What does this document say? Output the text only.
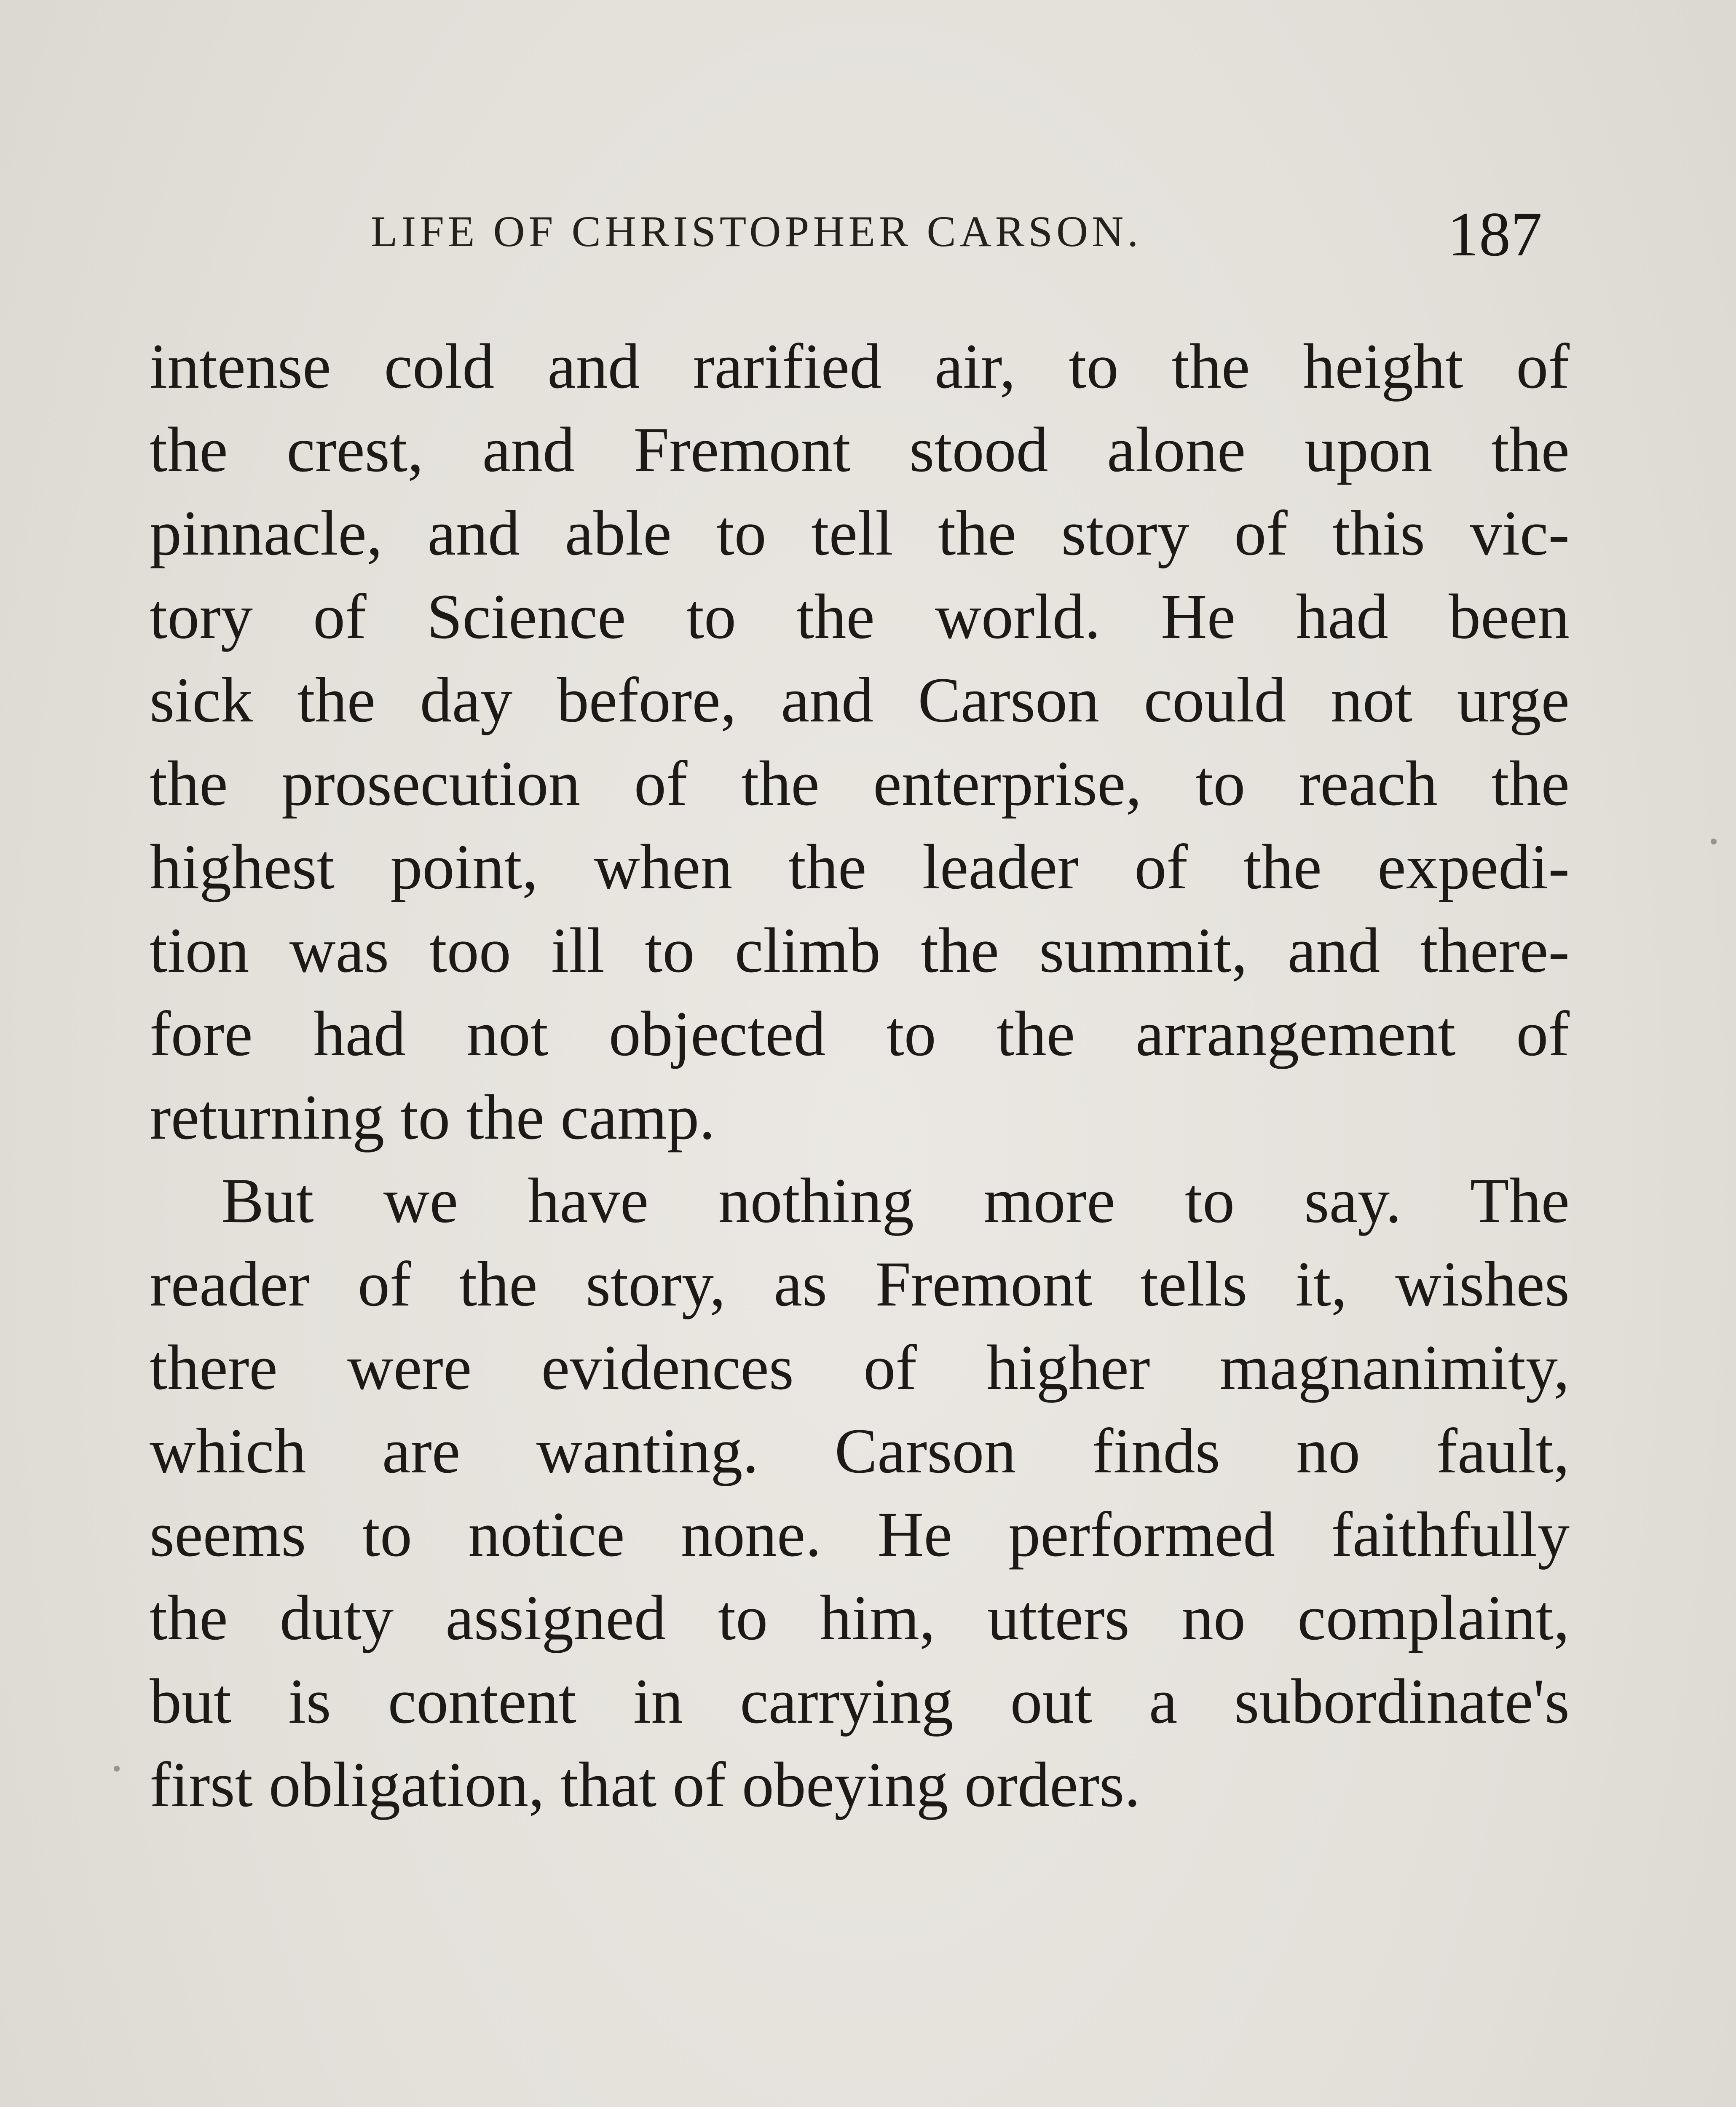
LIFE OF CHRISTOPHER CARSON.	187
intense cold and rarified air, to the height of
the crest, and Fremont stood alone upon the
pinnacle, and able to tell the story of this vic-
tory of Science to the world. He had been
sick the day before, and Carson could not urge
the prosecution of the enterprise, to reach the
highest point, when the leader of the expedi-
tion was too ill to climb the summit, and there-
fore had not objected to the arrangement of
returning to the camp.
But we have nothing more to say. The
reader of the story, as Fremont tells it, wishes
there were evidences of higher magnanimity,
which are wanting. Carson finds no fault,
seems to notice none. He performed faithfully
the duty assigned to him, utters no complaint,
but is content in carrying out a subordinate's
first obligation, that of obeying orders.
